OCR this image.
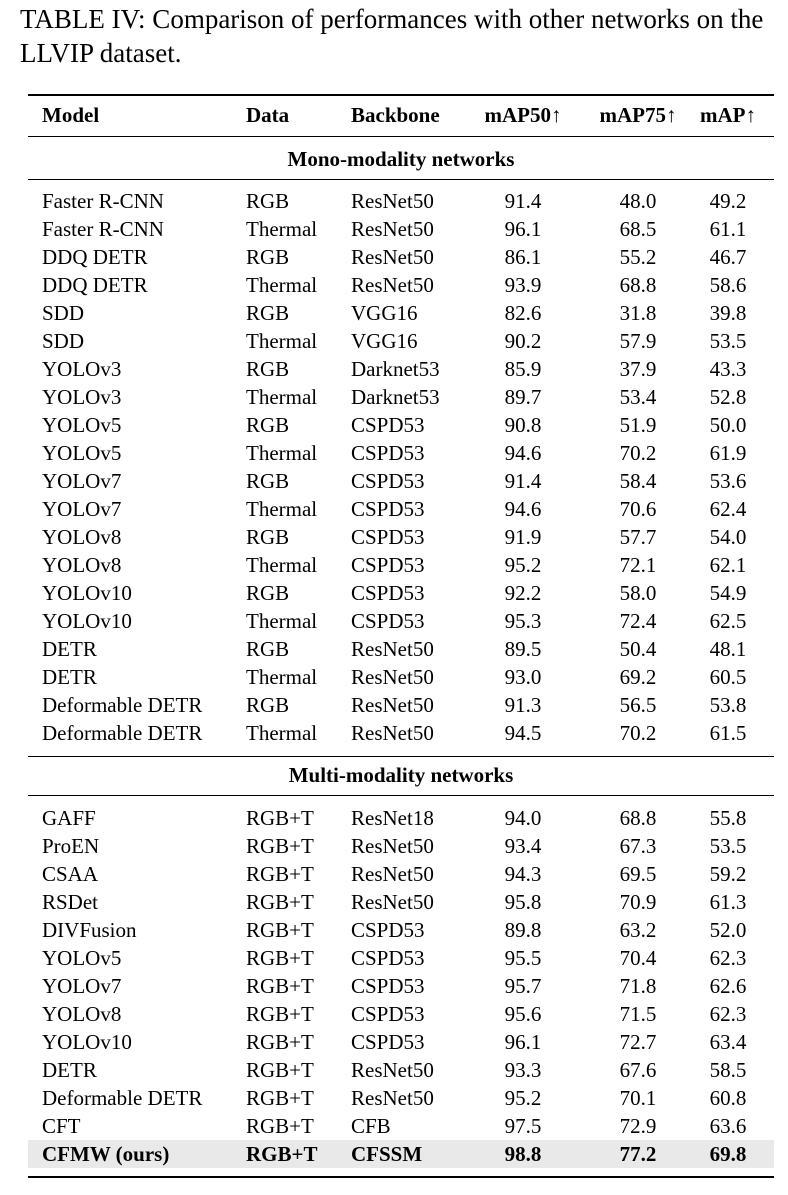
TABLE IV: Comparison of performances with other networks on the LLVIP dataset.

Model	Data	Backbone	mAP50↑	mAP75↑	mAP↑
Mono-modality networks
Faster R-CNN	RGB	ResNet50	91.4	48.0	49.2
Faster R-CNN	Thermal ResNet50	96.1	68.5	61.1
DDQ DETR	RGB	ResNet50	86.1	55.2	46.7
DDQ DETR	Thermal ResNet50	93.9	68.8	58.6
SDD	RGB	VGG16	82.6	31.8	39.8
SDD	Thermal VGG16	90.2	57.9	53.5
YOLOv3	RGB	Darknet53	85.9	37.9	43.3
YOLOv3	Thermal Darknet53	89.7	53.4	52.8
YOLOv5	RGB	CSPD53	90.8	51.9	50.0
YOLOv5	Thermal CSPD53	94.6	70.2	61.9
YOLOv7	RGB	CSPD53	91.4	58.4	53.6
YOLOv7	Thermal CSPD53	94.6	70.6	62.4
YOLOv8	RGB	CSPD53	91.9	57.7	54.0
YOLOv8	Thermal CSPD53	95.2	72.1	62.1
YOLOv10	RGB	CSPD53	92.2	58.0	54.9
YOLOv10	Thermal CSPD53	95.3	72.4	62.5
DETR	RGB	ResNet50	89.5	50.4	48.1
DETR	Thermal ResNet50	93.0	69.2	60.5
Deformable DETR RGB	ResNet50	91.3	56.5	53.8
Deformable DETR Thermal ResNet50	94.5	70.2	61.5
Multi-modality networks
GAFF	RGB+T ResNet18	94.0	68.8	55.8
ProEN	RGB+T ResNet50	93.4	67.3	53.5
CSAA	RGB+T ResNet50	94.3	69.5	59.2
RSDet	RGB+T ResNet50	95.8	70.9	61.3
DIVFusion	RGB+T CSPD53	89.8	63.2	52.0
YOLOv5	RGB+T CSPD53	95.5	70.4	62.3
YOLOv7	RGB+T CSPD53	95.7	71.8	62.6
YOLOv8	RGB+T CSPD53	95.6	71.5	62.3
YOLOv10	RGB+T CSPD53	96.1	72.7	63.4
DETR	RGB+T ResNet50	93.3	67.6	58.5
Deformable DETR RGB+T ResNet50	95.2	70.1	60.8
CFT	RGB+T CFB	97.5	72.9	63.6
CFMW (ours)	RGB+T CFSSM	98.8	77.2	69.8
